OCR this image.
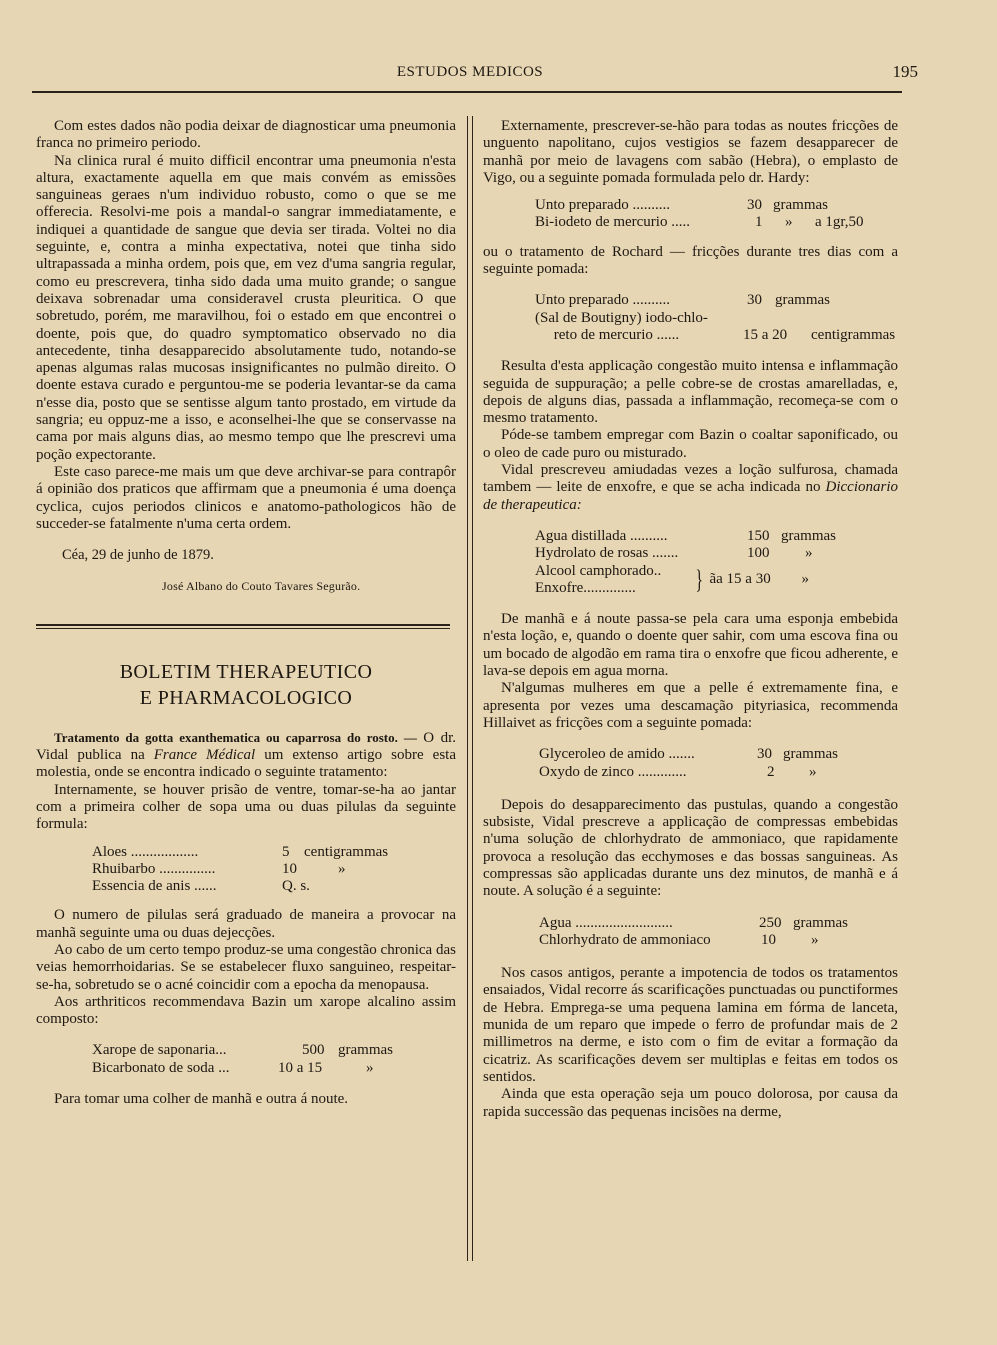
ESTUDOS MEDICOS	195

Com estes dados não podia deixar de diagnosticar uma pneumonia franca no primeiro periodo.

Na clinica rural é muito difficil encontrar uma pneumonia n'esta altura, exactamente aquella em que mais convém as emissões sanguineas geraes n'um individuo robusto, como o que se me offerecia. Resolvi-me pois a mandal-o sangrar immediatamente, e indiquei a quantidade de sangue que devia ser tirada. Voltei no dia seguinte, e, contra a minha expectativa, notei que tinha sido ultrapassada a minha ordem, pois que, em vez d'uma sangria regular, como eu prescrevera, tinha sido dada uma muito grande; o sangue deixava sobrenadar uma consideravel crusta pleuritica. O que sobretudo, porém, me maravilhou, foi o estado em que encontrei o doente, pois que, do quadro symptomatico observado no dia antecedente, tinha desapparecido absolutamente tudo, notando-se apenas algumas ralas mucosas insignificantes no pulmão direito. O doente estava curado e perguntou-me se poderia levantar-se da cama n'esse dia, posto que se sentisse algum tanto prostado, em virtude da sangria; eu oppuz-me a isso, e aconselhei-lhe que se conservasse na cama por mais alguns dias, ao mesmo tempo que lhe prescrevi uma poção expectorante.

Este caso parece-me mais um que deve archivar-se para contrapôr á opinião dos praticos que affirmam que a pneumonia é uma doença cyclica, cujos periodos clinicos e anatomo-pathologicos hão de succeder-se fatalmente n'uma certa ordem.

Céa, 29 de junho de 1879.
José Albano do Couto Tavares Segurão.
BOLETIM THERAPEUTICO
E PHARMACOLOGICO

Tratamento da gotta exanthematica ou caparrosa do rosto. — O dr. Vidal publica na France Médical um extenso artigo sobre esta molestia, onde se encontra indicado o seguinte tratamento:

Internamente, se houver prisão de ventre, tomar-se-ha ao jantar com a primeira colher de sopa uma ou duas pilulas da seguinte formula:

Aloes ..................	5 centigrammas
Rhuibarbo ...............	10	»
Essencia de anis ......	Q. s.

O numero de pilulas será graduado de maneira a provocar na manhã seguinte uma ou duas dejecções.

Ao cabo de um certo tempo produz-se uma congestão chronica das veias hemorrhoidarias. Se se estabelecer fluxo sanguineo, respeitar-se-ha, sobretudo se o acné coincidir com a epocha da menopausa.

Aos arthriticos recommendava Bazin um xarope alcalino assim composto:

Xarope de saponaria...	500 grammas
Bicarbonato de soda ...	10 a 15	»

Para tomar uma colher de manhã e outra á noute.

Externamente, prescrever-se-hão para todas as noutes fricções de unguento napolitano, cujos vestigios se fazem desapparecer de manhã por meio de lavagens com sabão (Hebra), o emplasto de Vigo, ou a seguinte pomada formulada pelo dr. Hardy:

Unto preparado ..........	30 grammas
Bi-iodeto de mercurio .....	1	»      a 1gr,50

ou o tratamento de Rochard — fricções durante tres dias com a seguinte pomada:

Unto preparado ..........	30 grammas
(Sal de Boutigny) iodo-chlo-
reto de mercurio ......	15 a 20	centigrammas

Resulta d'esta applicação congestão muito intensa e inflammação seguida de suppuração; a pelle cobre-se de crostas amarelladas, e, depois de alguns dias, passada a inflammação, recomeça-se com o mesmo tratamento.

Póde-se tambem empregar com Bazin o coaltar saponificado, ou o oleo de cade puro ou misturado.

Vidal prescreveu amiudadas vezes a loção sulfurosa, chamada tambem — leite de enxofre, e que se acha indicada no Diccionario de therapeutica:

Agua distillada ..........	150 grammas
Hydrolato de rosas .......	100	»
Alcool camphorado..
Enxofre..............	} ãa 15 a 30	»

De manhã e á noute passa-se pela cara uma esponja embebida n'esta loção, e, quando o doente quer sahir, com uma escova fina ou um bocado de algodão em rama tira o enxofre que ficou adherente, e lava-se depois em agua morna.

N'algumas mulheres em que a pelle é extremamente fina, e apresenta por vezes uma descamação pityriasica, recommenda Hillaivet as fricções com a seguinte pomada:

Glyceroleo de amido .......	30 grammas
Oxydo de zinco .............	2	»

Depois do desapparecimento das pustulas, quando a congestão subsiste, Vidal prescreve a applicação de compressas embebidas n'uma solução de chlorhydrato de ammoniaco, que rapidamente provoca a resolução das ecchymoses e das bossas sanguineas. As compressas são applicadas durante uns dez minutos, de manhã e á noute. A solução é a seguinte:

Agua ..........................	250 grammas
Chlorhydrato de ammoniaco	10	»

Nos casos antigos, perante a impotencia de todos os tratamentos ensaiados, Vidal recorre ás scarificações punctuadas ou punctiformes de Hebra. Emprega-se uma pequena lamina em fórma de lanceta, munida de um reparo que impede o ferro de profundar mais de 2 millimetros na derme, e isto com o fim de evitar a formação da cicatriz. As scarificações devem ser multiplas e feitas em todos os sentidos.

Ainda que esta operação seja um pouco dolorosa, por causa da rapida successão das pequenas incisões na derme,
